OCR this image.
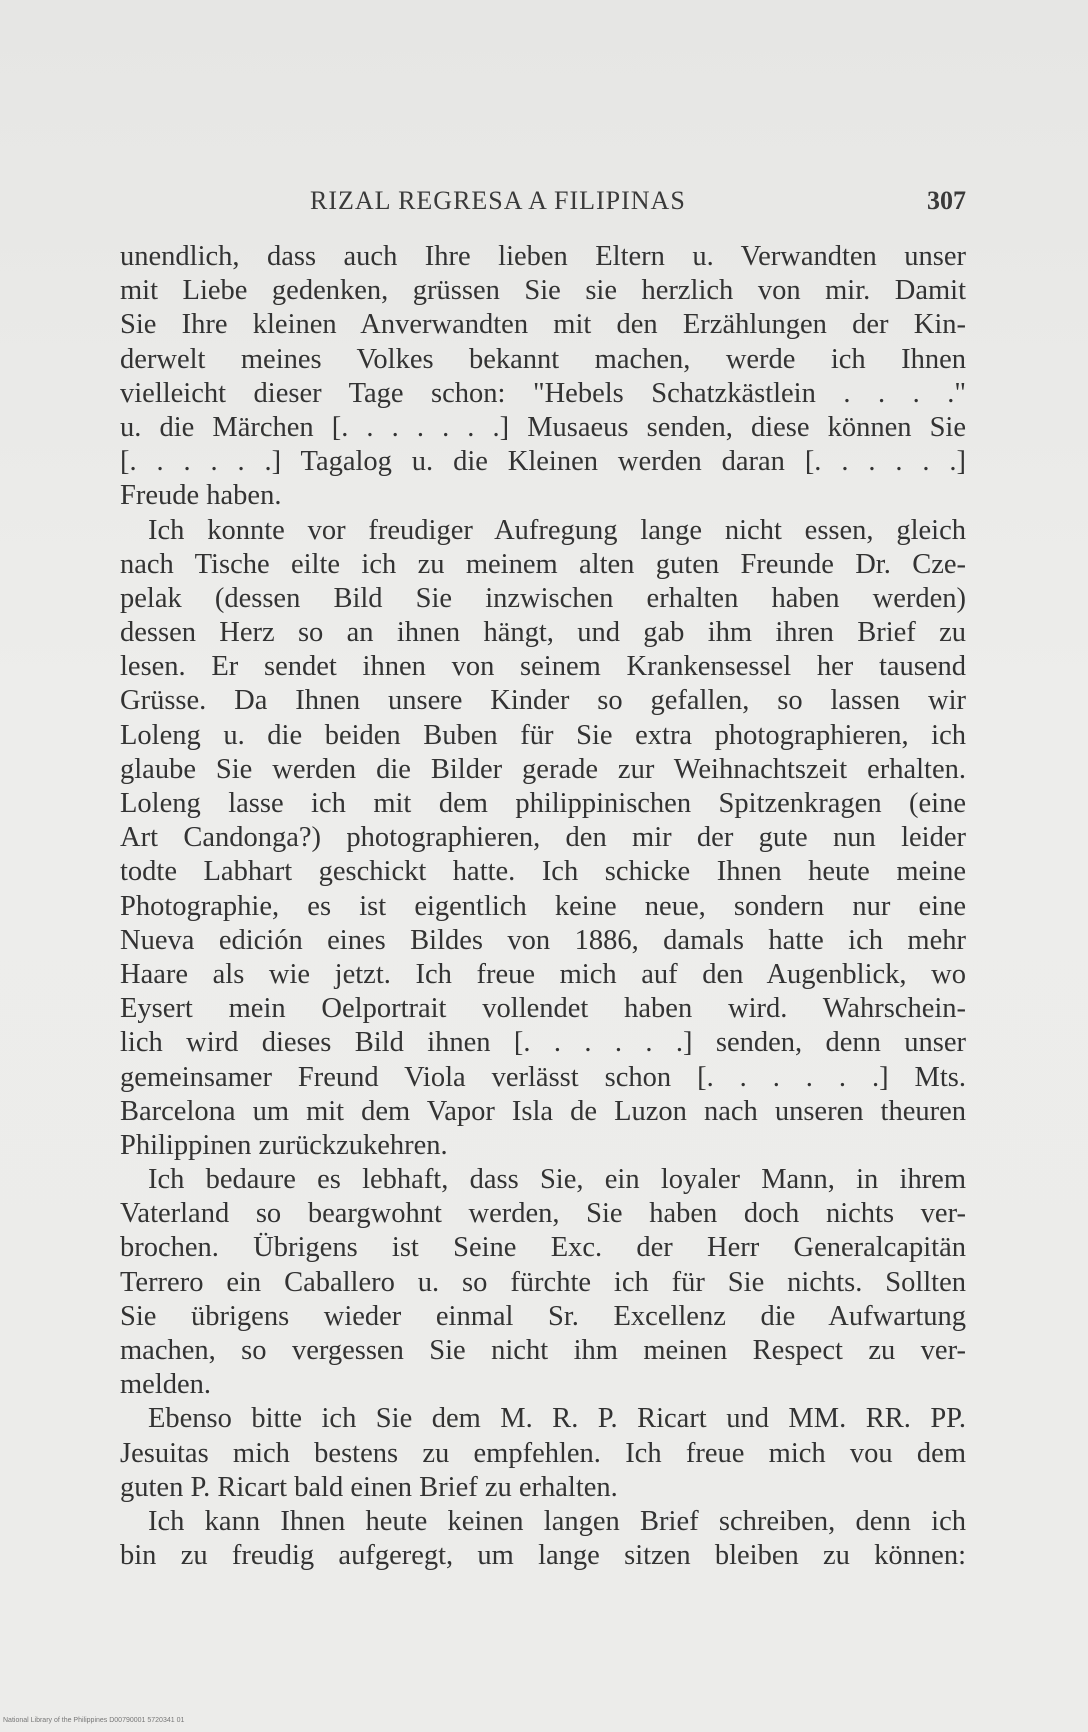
RIZAL REGRESA A FILIPINAS	307
unendlich, dass auch Ihre lieben Eltern u. Verwandten unser
mit Liebe gedenken, grüssen Sie sie herzlich von mir. Damit
Sie Ihre kleinen Anverwandten mit den Erzählungen der Kin-
derwelt meines Volkes bekannt machen, werde ich Ihnen
vielleicht dieser Tage schon: "Hebels Schatzkästlein . . . ."
u. die Märchen [. . . . . . .] Musaeus senden, diese können Sie
[. . . . . .] Tagalog u. die Kleinen werden daran [. . . . . .]
Freude haben.
Ich konnte vor freudiger Aufregung lange nicht essen, gleich
nach Tische eilte ich zu meinem alten guten Freunde Dr. Cze-
pelak (dessen Bild Sie inzwischen erhalten haben werden)
dessen Herz so an ihnen hängt, und gab ihm ihren Brief zu
lesen. Er sendet ihnen von seinem Krankensessel her tausend
Grüsse. Da Ihnen unsere Kinder so gefallen, so lassen wir
Loleng u. die beiden Buben für Sie extra photographieren, ich
glaube Sie werden die Bilder gerade zur Weihnachtszeit erhalten.
Loleng lasse ich mit dem philippinischen Spitzenkragen (eine
Art Candonga?) photographieren, den mir der gute nun leider
todte Labhart geschickt hatte. Ich schicke Ihnen heute meine
Photographie, es ist eigentlich keine neue, sondern nur eine
Nueva edición eines Bildes von 1886, damals hatte ich mehr
Haare als wie jetzt. Ich freue mich auf den Augenblick, wo
Eysert mein Oelportrait vollendet haben wird. Wahrschein-
lich wird dieses Bild ihnen [. . . . . .] senden, denn unser
gemeinsamer Freund Viola verlässt schon [. . . . . .] Mts.
Barcelona um mit dem Vapor Isla de Luzon nach unseren theuren
Philippinen zurückzukehren.
Ich bedaure es lebhaft, dass Sie, ein loyaler Mann, in ihrem
Vaterland so beargwohnt werden, Sie haben doch nichts ver-
brochen. Übrigens ist Seine Exc. der Herr Generalcapitän
Terrero ein Caballero u. so fürchte ich für Sie nichts. Sollten
Sie übrigens wieder einmal Sr. Excellenz die Aufwartung
machen, so vergessen Sie nicht ihm meinen Respect zu ver-
melden.
Ebenso bitte ich Sie dem M. R. P. Ricart und MM. RR. PP.
Jesuitas mich bestens zu empfehlen. Ich freue mich vou dem
guten P. Ricart bald einen Brief zu erhalten.
Ich kann Ihnen heute keinen langen Brief schreiben, denn ich
bin zu freudig aufgeregt, um lange sitzen bleiben zu können:
National Library of the Philippines D00790001 5720341 01
